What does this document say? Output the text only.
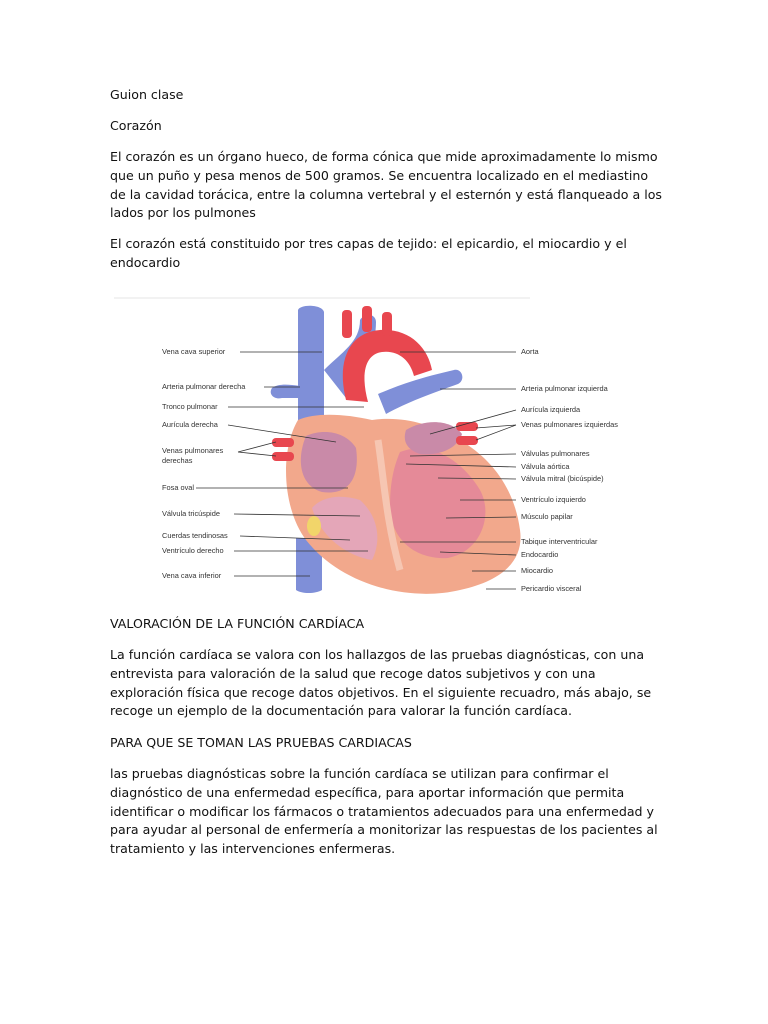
Guion clase

Corazón

El corazón es un órgano hueco, de forma cónica que mide aproximadamente lo mismo que un puño y pesa menos de 500 gramos. Se encuentra localizado en el mediastino de la cavidad torácica, entre la columna vertebral y el esternón y está flanqueado a los lados por los pulmones

El corazón está constituido por tres capas de tejido: el epicardio, el miocardio y el endocardio

Vena cava superior
Arteria pulmonar derecha
Tronco pulmonar
Aurícula derecha
Venas pulmonares
derechas
Fosa oval
Válvula tricúspide
Cuerdas tendinosas
Ventrículo derecho
Vena cava inferior
Aorta
Arteria pulmonar izquierda
Aurícula izquierda
Venas pulmonares izquierdas
Válvulas pulmonares
Válvula aórtica
Válvula mitral (bicúspide)
Ventrículo izquierdo
Músculo papilar
Tabique interventricular
Endocardio
Miocardio
Pericardio visceral

VALORACIÓN DE LA FUNCIÓN CARDÍACA

La función cardíaca se valora con los hallazgos de las pruebas diagnósticas, con una entrevista para valoración de la salud que recoge datos subjetivos y con una exploración física que recoge datos objetivos. En el siguiente recuadro, más abajo, se recoge un ejemplo de la documentación para valorar la función cardíaca.

PARA QUE SE TOMAN LAS PRUEBAS CARDIACAS

las pruebas diagnósticas sobre la función cardíaca se utilizan para confirmar el diagnóstico de una enfermedad específica, para aportar información que permita identificar o modificar los fármacos o tratamientos adecuados para una enfermedad y para ayudar al personal de enfermería a monitorizar las respuestas de los pacientes al tratamiento y las intervenciones enfermeras.
